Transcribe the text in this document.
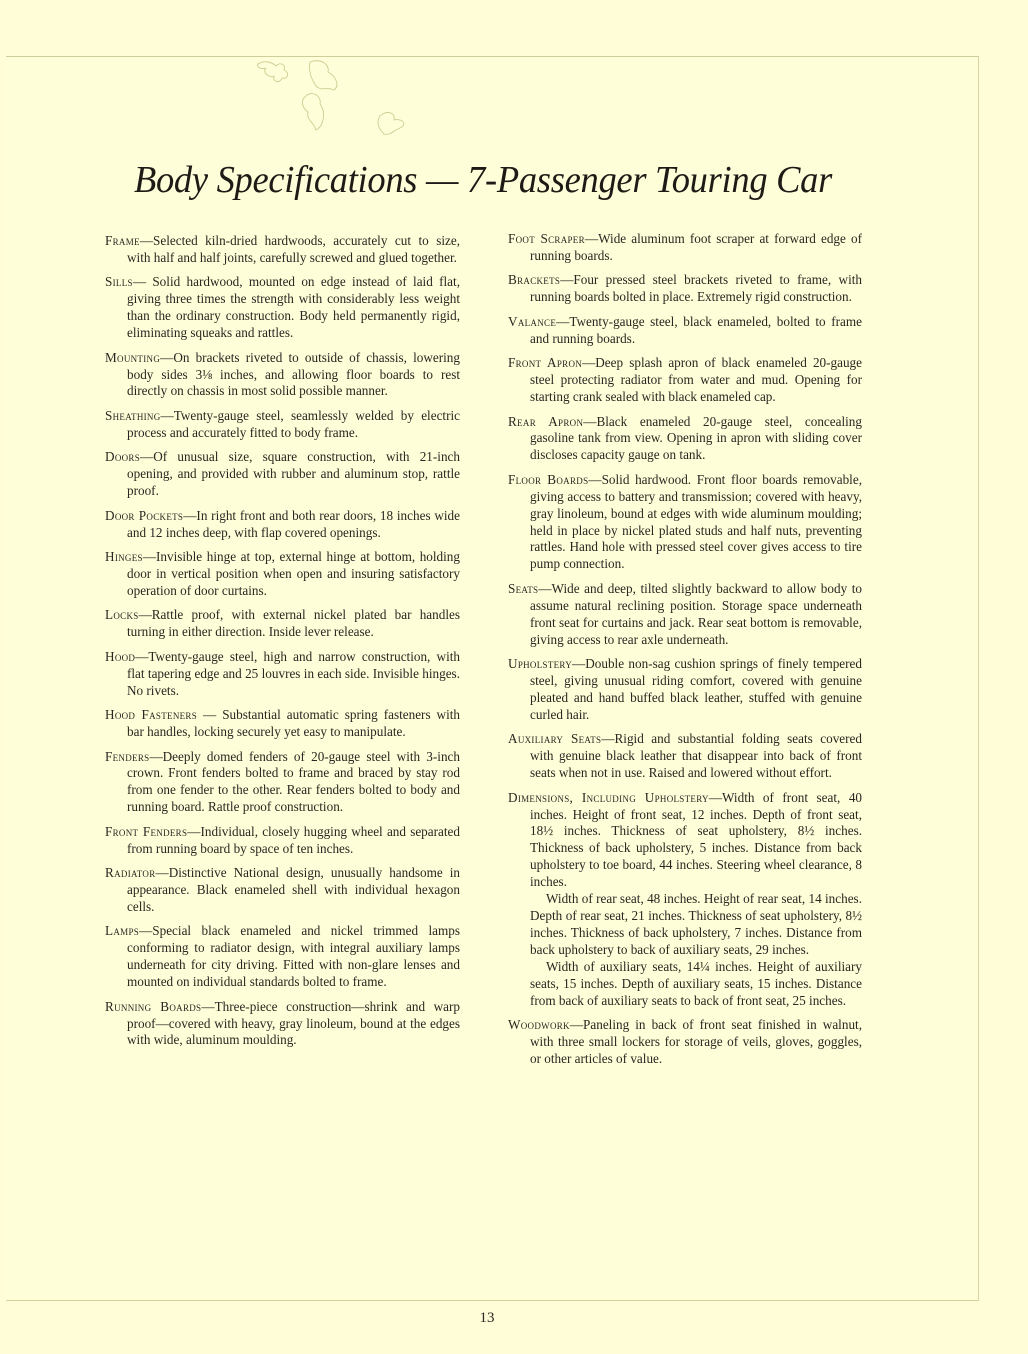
Body Specifications — 7-Passenger Touring Car

Frame—Selected kiln-dried hardwoods, accurately cut to size, with half and half joints, carefully screwed and glued together.

Sills— Solid hardwood, mounted on edge instead of laid flat, giving three times the strength with considerably less weight than the ordinary construction. Body held permanently rigid, eliminating squeaks and rattles.

Mounting—On brackets riveted to outside of chassis, lowering body sides 3⅛ inches, and allowing floor boards to rest directly on chassis in most solid possible manner.

Sheathing—Twenty-gauge steel, seamlessly welded by electric process and accurately fitted to body frame.

Doors—Of unusual size, square construction, with 21-inch opening, and provided with rubber and aluminum stop, rattle proof.

Door Pockets—In right front and both rear doors, 18 inches wide and 12 inches deep, with flap covered openings.

Hinges—Invisible hinge at top, external hinge at bottom, holding door in vertical position when open and insuring satisfactory operation of door curtains.

Locks—Rattle proof, with external nickel plated bar handles turning in either direction. Inside lever release.

Hood—Twenty-gauge steel, high and narrow construction, with flat tapering edge and 25 louvres in each side. Invisible hinges. No rivets.

Hood Fasteners — Substantial automatic spring fasteners with bar handles, locking securely yet easy to manipulate.

Fenders—Deeply domed fenders of 20-gauge steel with 3-inch crown. Front fenders bolted to frame and braced by stay rod from one fender to the other. Rear fenders bolted to body and running board. Rattle proof construction.

Front Fenders—Individual, closely hugging wheel and separated from running board by space of ten inches.

Radiator—Distinctive National design, unusually handsome in appearance. Black enameled shell with individual hexagon cells.

Lamps—Special black enameled and nickel trimmed lamps conforming to radiator design, with integral auxiliary lamps underneath for city driving. Fitted with non-glare lenses and mounted on individual standards bolted to frame.

Running Boards—Three-piece construction—shrink and warp proof—covered with heavy, gray linoleum, bound at the edges with wide, aluminum moulding.

Foot Scraper—Wide aluminum foot scraper at forward edge of running boards.

Brackets—Four pressed steel brackets riveted to frame, with running boards bolted in place. Extremely rigid construction.

Valance—Twenty-gauge steel, black enameled, bolted to frame and running boards.

Front Apron—Deep splash apron of black enameled 20-gauge steel protecting radiator from water and mud. Opening for starting crank sealed with black enameled cap.

Rear Apron—Black enameled 20-gauge steel, concealing gasoline tank from view. Opening in apron with sliding cover discloses capacity gauge on tank.

Floor Boards—Solid hardwood. Front floor boards removable, giving access to battery and transmission; covered with heavy, gray linoleum, bound at edges with wide aluminum moulding; held in place by nickel plated studs and half nuts, preventing rattles. Hand hole with pressed steel cover gives access to tire pump connection.

Seats—Wide and deep, tilted slightly backward to allow body to assume natural reclining position. Storage space underneath front seat for curtains and jack. Rear seat bottom is removable, giving access to rear axle underneath.

Upholstery—Double non-sag cushion springs of finely tempered steel, giving unusual riding comfort, covered with genuine pleated and hand buffed black leather, stuffed with genuine curled hair.

Auxiliary Seats—Rigid and substantial folding seats covered with genuine black leather that disappear into back of front seats when not in use. Raised and lowered without effort.

Dimensions, Including Upholstery—Width of front seat, 40 inches. Height of front seat, 12 inches. Depth of front seat, 18½ inches. Thickness of seat upholstery, 8½ inches. Thickness of back upholstery, 5 inches. Distance from back upholstery to toe board, 44 inches. Steering wheel clearance, 8 inches.

Width of rear seat, 48 inches. Height of rear seat, 14 inches. Depth of rear seat, 21 inches. Thickness of seat upholstery, 8½ inches. Thickness of back upholstery, 7 inches. Distance from back upholstery to back of auxiliary seats, 29 inches.

Width of auxiliary seats, 14¼ inches. Height of auxiliary seats, 15 inches. Depth of auxiliary seats, 15 inches. Distance from back of auxiliary seats to back of front seat, 25 inches.

Woodwork—Paneling in back of front seat finished in walnut, with three small lockers for storage of veils, gloves, goggles, or other articles of value.

13
